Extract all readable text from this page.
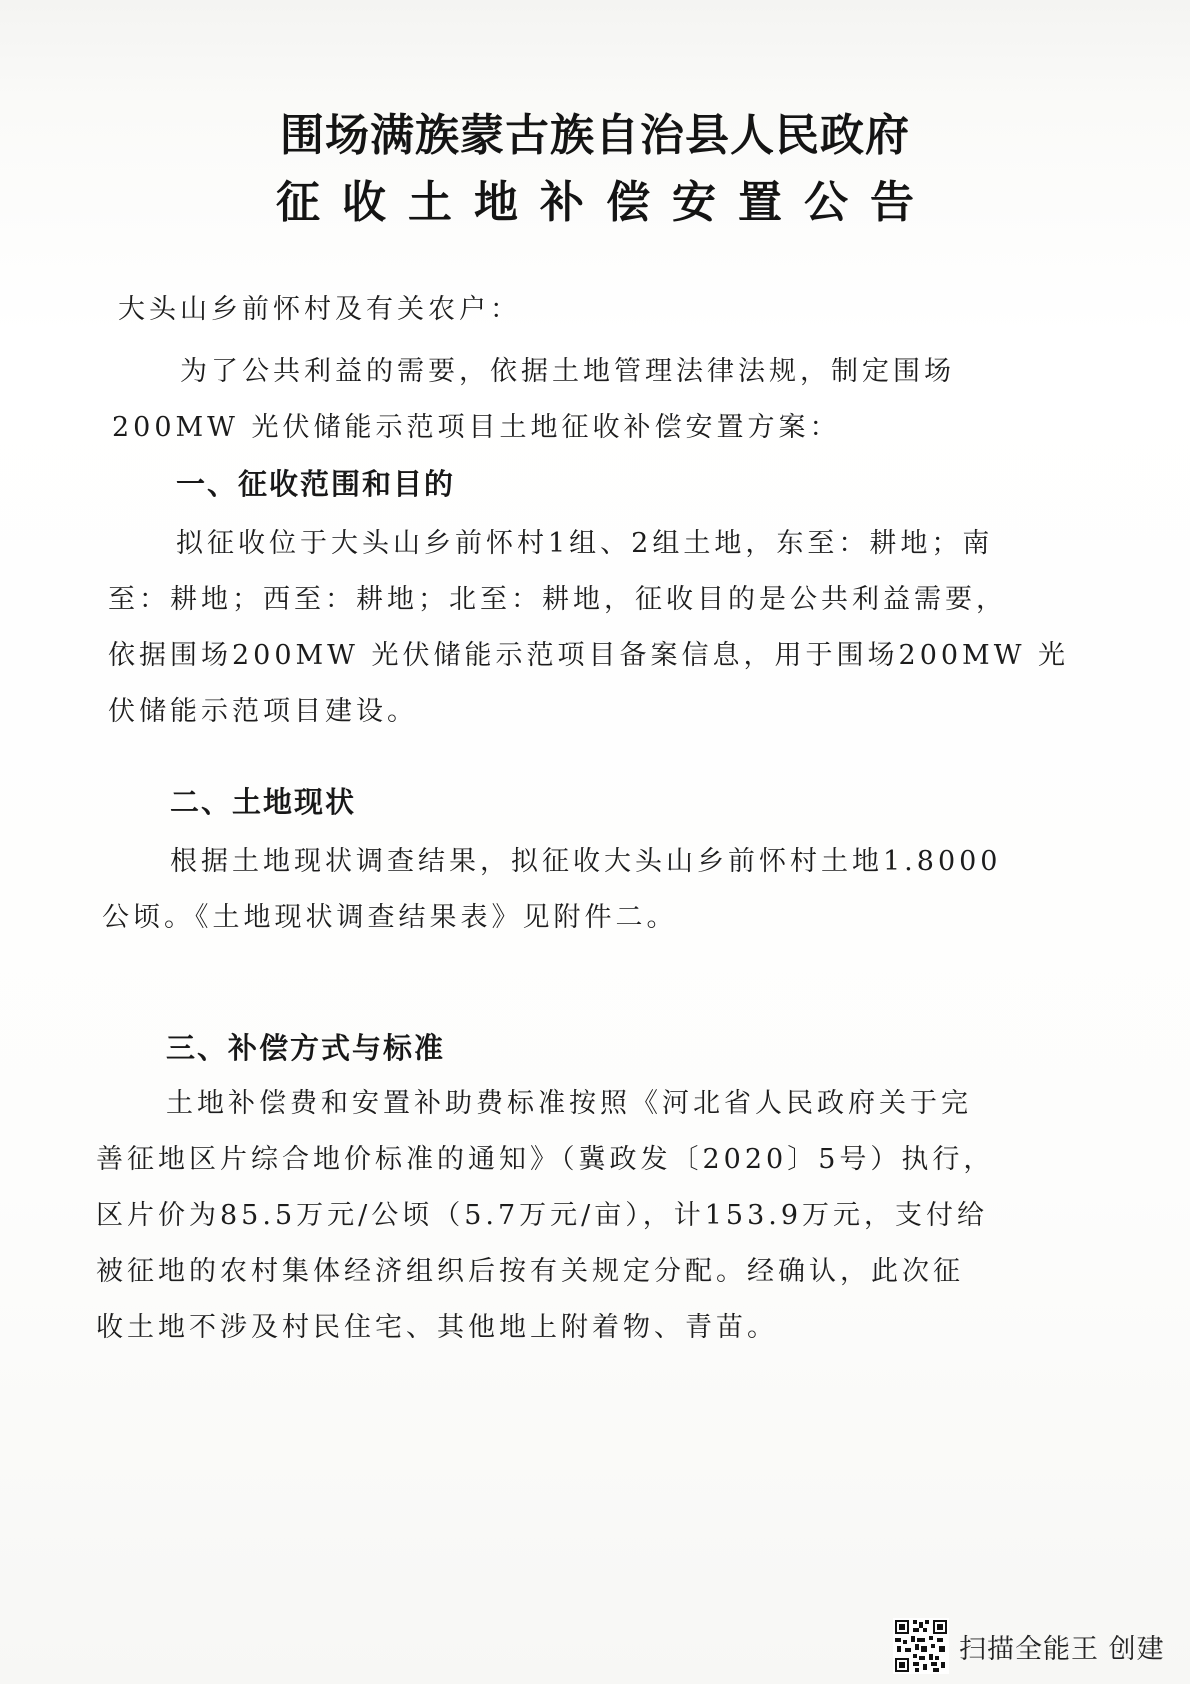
围场满族蒙古族自治县人民政府
征收土地补偿安置公告
大头山乡前怀村及有关农户：
为了公共利益的需要，依据土地管理法律法规，制定围场
200MW 光伏储能示范项目土地征收补偿安置方案：
一、征收范围和目的
拟征收位于大头山乡前怀村1组、2组土地，东至：耕地；南
至：耕地；西至：耕地；北至：耕地，征收目的是公共利益需要，
依据围场200MW 光伏储能示范项目备案信息，用于围场200MW 光
伏储能示范项目建设。
二、土地现状
根据土地现状调查结果，拟征收大头山乡前怀村土地1.8000
公顷。《土地现状调查结果表》见附件二。
三、补偿方式与标准
土地补偿费和安置补助费标准按照《河北省人民政府关于完
善征地区片综合地价标准的通知》（冀政发〔2020〕5号）执行，
区片价为85.5万元/公顷（5.7万元/亩），计153.9万元，支付给
被征地的农村集体经济组织后按有关规定分配。经确认，此次征
收土地不涉及村民住宅、其他地上附着物、青苗。
扫描全能王 创建
